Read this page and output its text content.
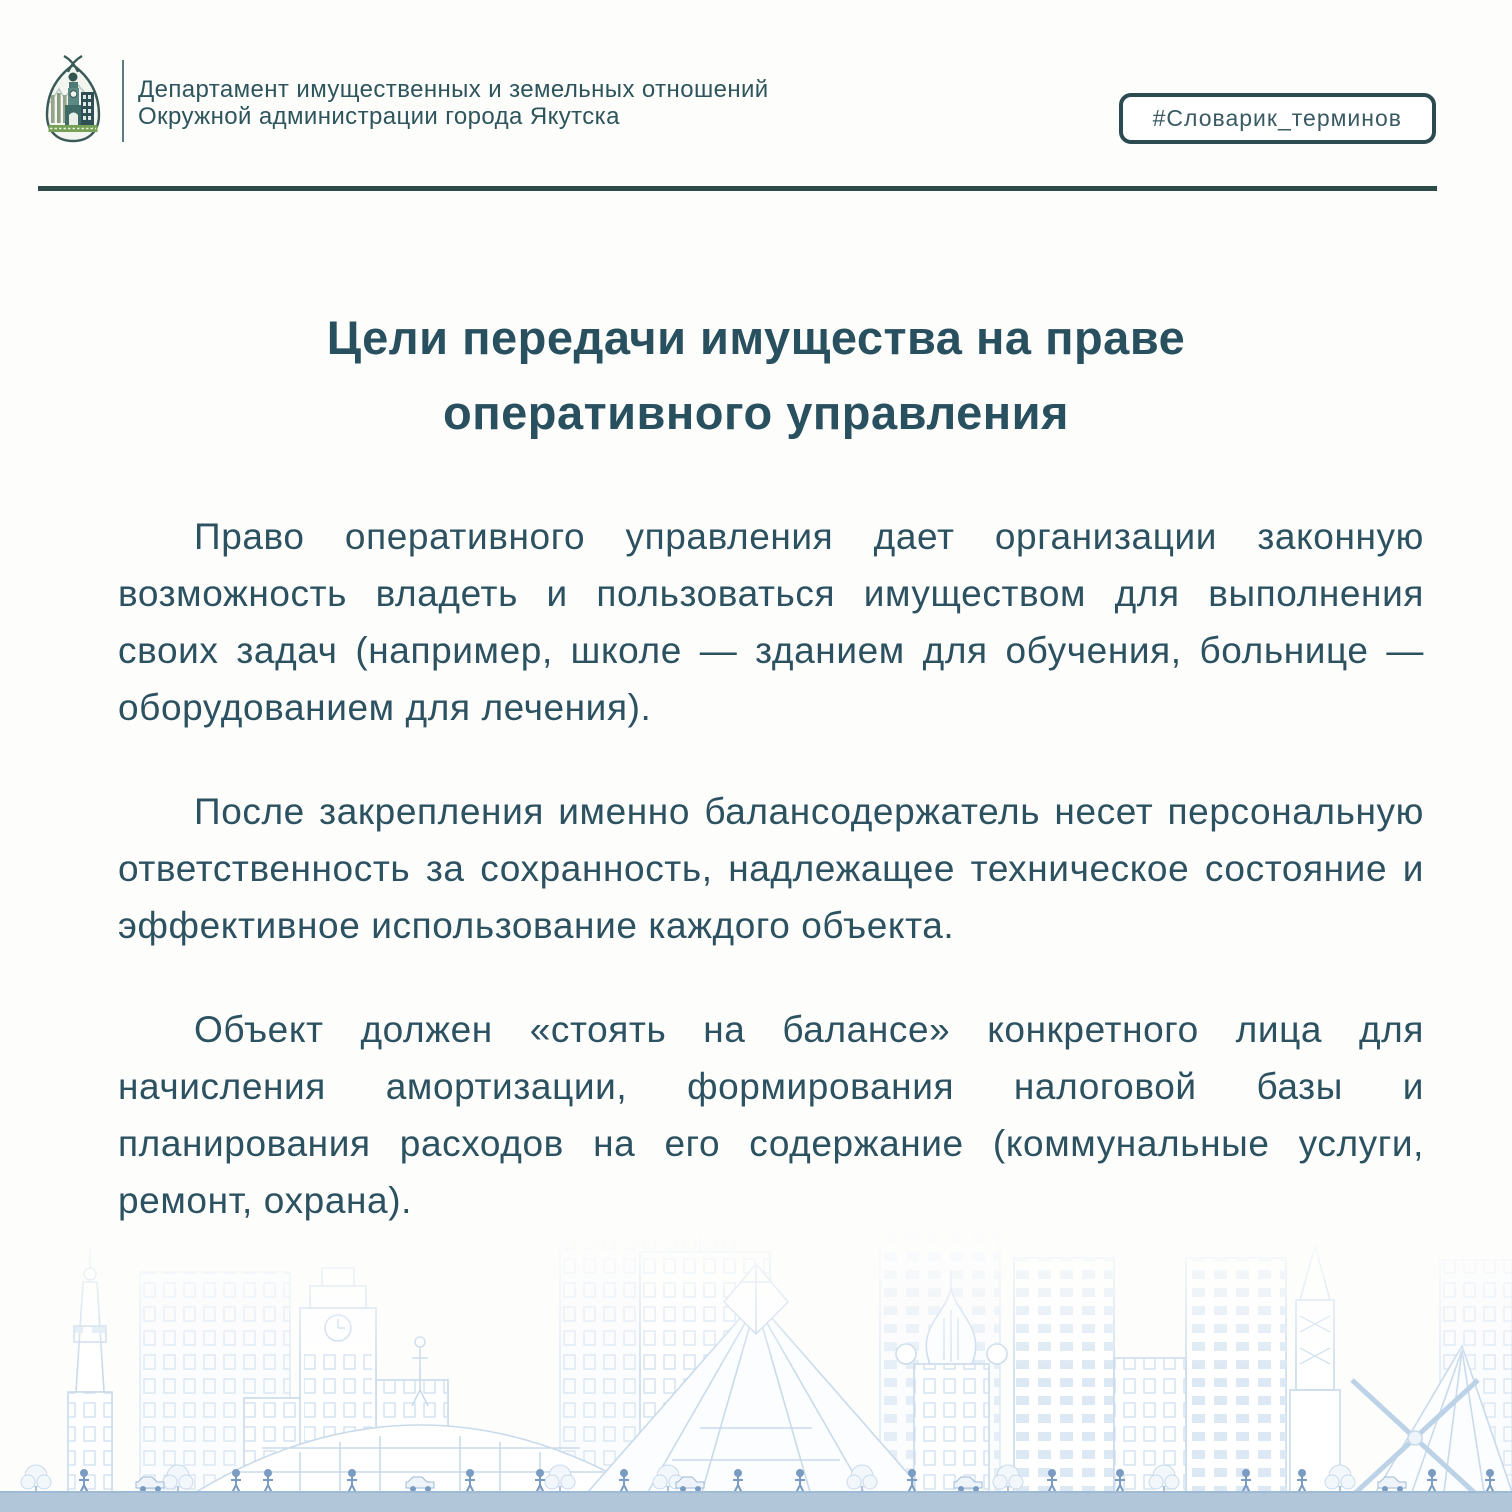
Департамент имущественных и земельных отношений
Окружной администрации города Якутска	#Словарик_терминов
Цели передачи имущества на праве
оперативного управления

Право оперативного управления дает организации законную возможность владеть и пользоваться имуществом для выполнения своих задач (например, школе — зданием для обучения, больнице — оборудованием для лечения).

После закрепления именно балансодержатель несет персональную ответственность за сохранность, надлежащее техническое состояние и эффективное использование каждого объекта.

Объект должен «стоять на балансе» конкретного лица для начисления амортизации, формирования налоговой базы и планирования расходов на его содержание (коммунальные услуги, ремонт, охрана).
